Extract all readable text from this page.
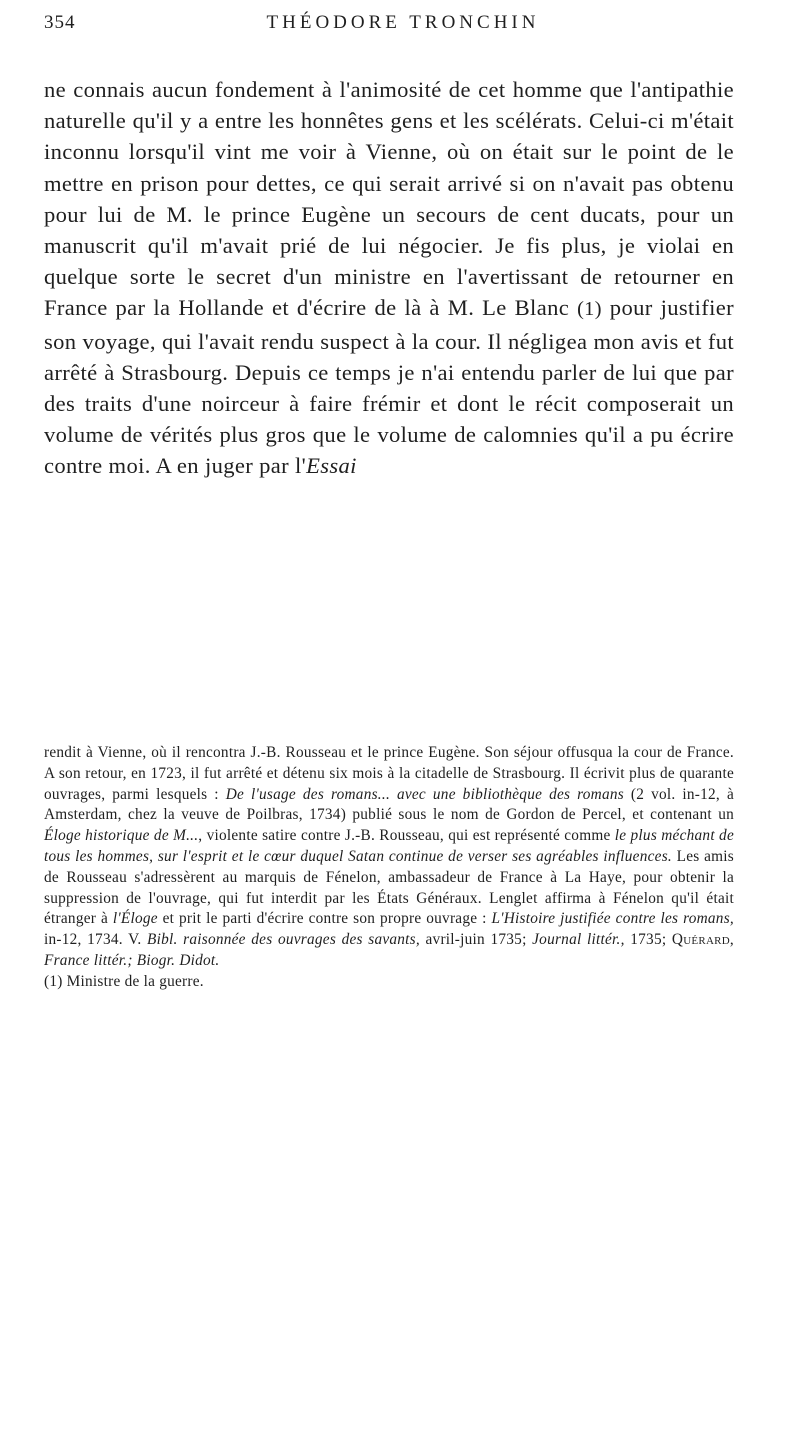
354	THÉODORE TRONCHIN

ne connais aucun fondement à l'animosité de cet homme que l'antipathie naturelle qu'il y a entre les honnêtes gens et les scélérats. Celui-ci m'était inconnu lorsqu'il vint me voir à Vienne, où on était sur le point de le mettre en prison pour dettes, ce qui serait arrivé si on n'avait pas obtenu pour lui de M. le prince Eugène un secours de cent ducats, pour un manuscrit qu'il m'avait prié de lui négocier. Je fis plus, je violai en quelque sorte le secret d'un ministre en l'avertissant de retourner en France par la Hollande et d'écrire de là à M. Le Blanc (1) pour justifier son voyage, qui l'avait rendu suspect à la cour. Il négligea mon avis et fut arrêté à Strasbourg. Depuis ce temps je n'ai entendu parler de lui que par des traits d'une noirceur à faire frémir et dont le récit composerait un volume de vérités plus gros que le volume de calomnies qu'il a pu écrire contre moi. A en juger par l'Essai

rendit à Vienne, où il rencontra J.-B. Rousseau et le prince Eugène. Son séjour offusqua la cour de France. A son retour, en 1723, il fut arrêté et détenu six mois à la citadelle de Strasbourg. Il écrivit plus de quarante ouvrages, parmi lesquels : De l'usage des romans... avec une bibliothèque des romans (2 vol. in-12, à Amsterdam, chez la veuve de Poilbras, 1734) publié sous le nom de Gordon de Percel, et contenant un Éloge historique de M..., violente satire contre J.-B. Rousseau, qui est représenté comme le plus méchant de tous les hommes, sur l'esprit et le cœur duquel Satan continue de verser ses agréables influences. Les amis de Rousseau s'adressèrent au marquis de Fénelon, ambassadeur de France à La Haye, pour obtenir la suppression de l'ouvrage, qui fut interdit par les États Généraux. Lenglet affirma à Fénelon qu'il était étranger à l'Éloge et prit le parti d'écrire contre son propre ouvrage : L'Histoire justifiée contre les romans, in-12, 1734. V. Bibl. raisonnée des ouvrages des savants, avril-juin 1735; Journal littér., 1735; Quérard, France littér.; Biogr. Didot.

(1) Ministre de la guerre.
